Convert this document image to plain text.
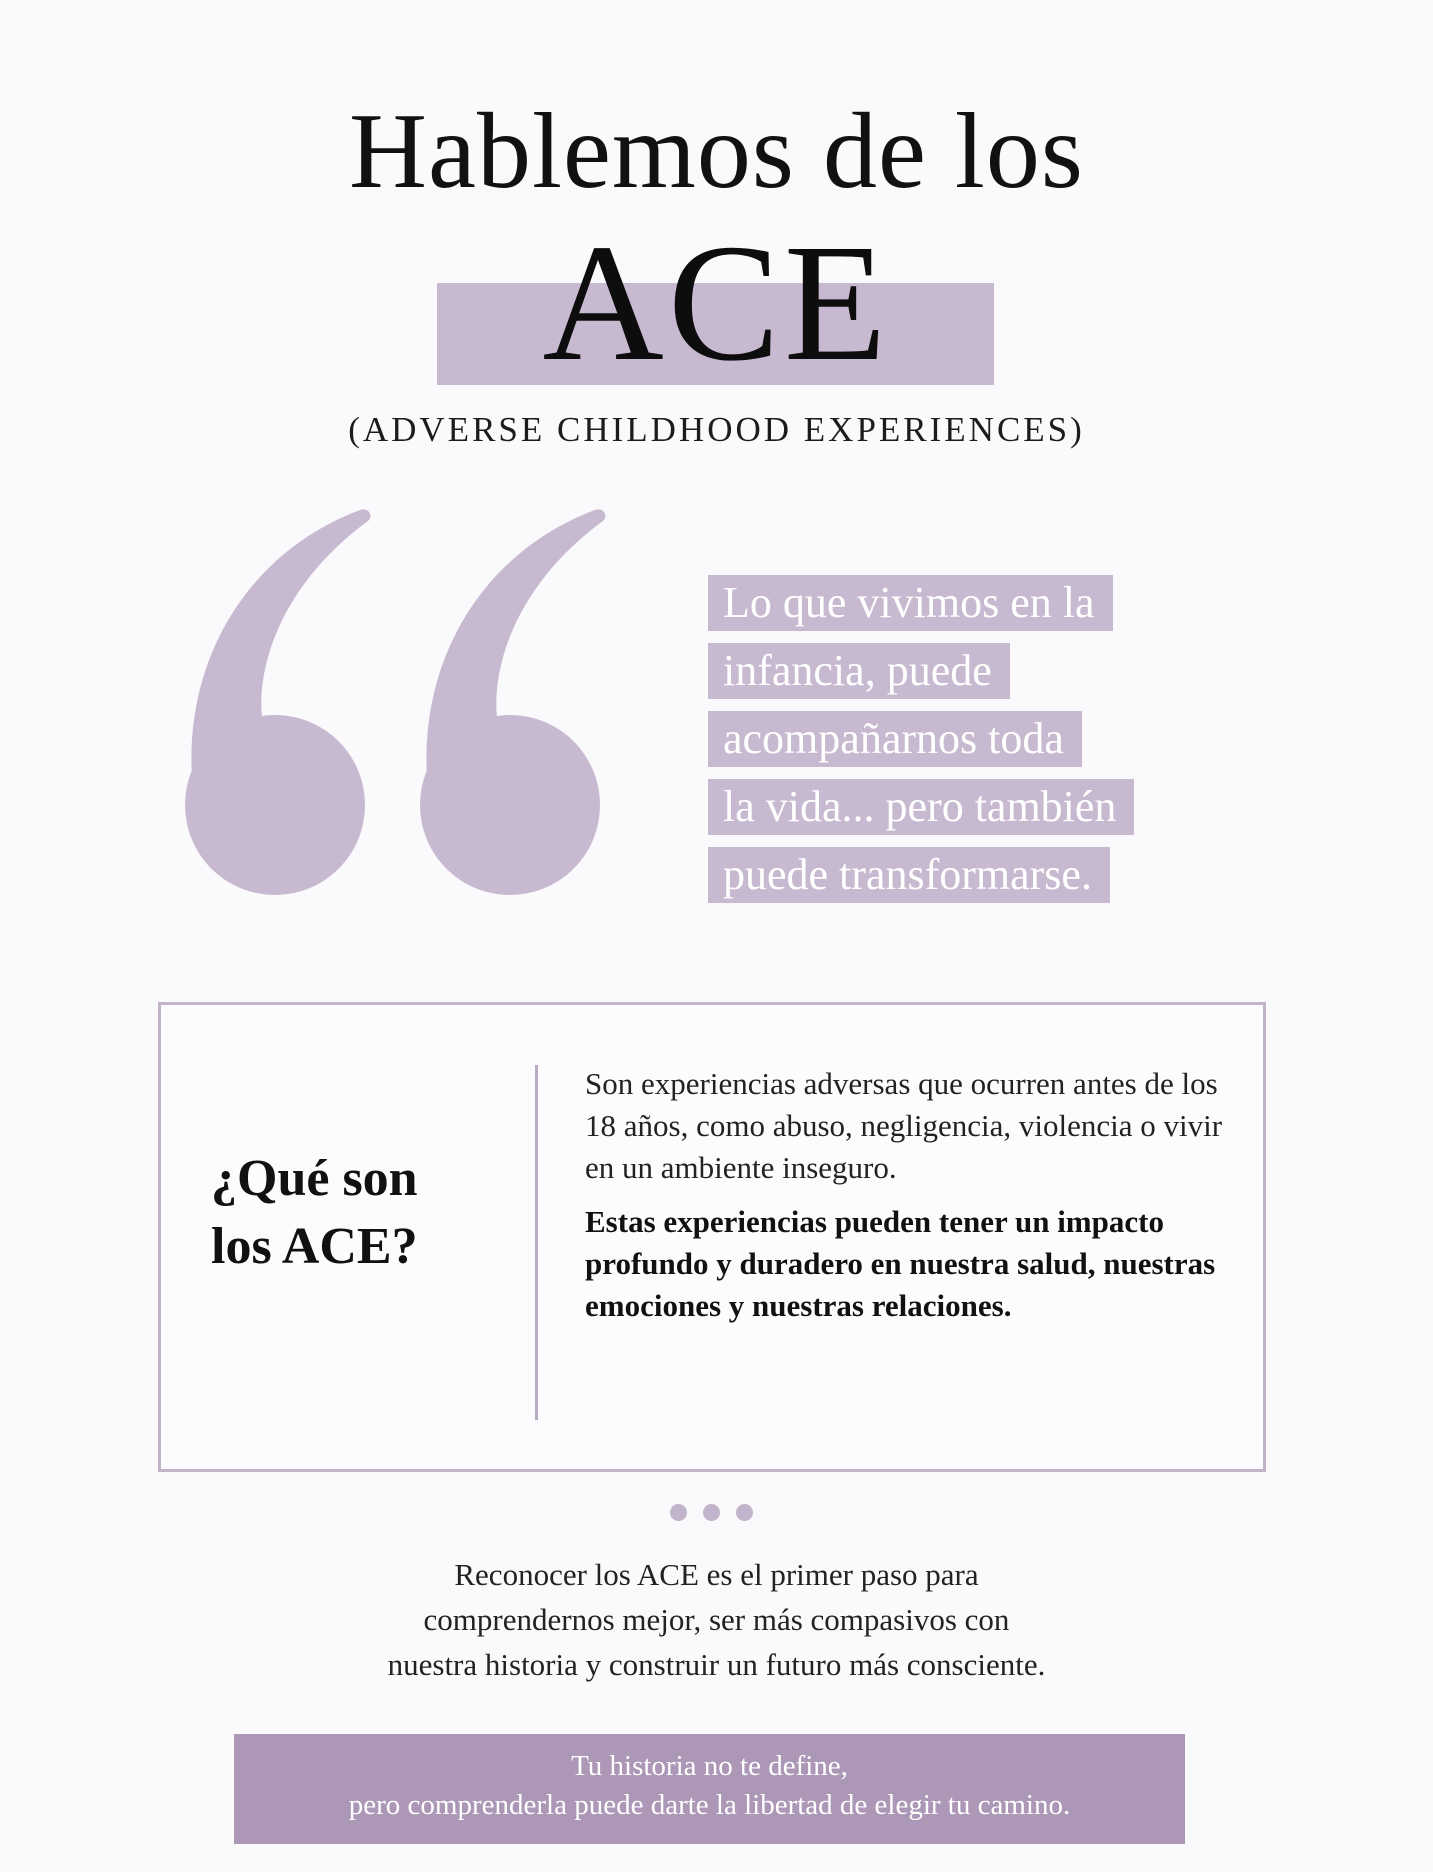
Hablemos de los
ACE
(ADVERSE CHILDHOOD EXPERIENCES)
Lo que vivimos en la
infancia, puede
acompañarnos toda
la vida... pero también
puede transformarse.
¿Qué son
los ACE?

Son experiencias adversas que ocurren antes de los 18 años, como abuso, negligencia, violencia o vivir en un ambiente inseguro.

Estas experiencias pueden tener un impacto profundo y duradero en nuestra salud, nuestras emociones y nuestras relaciones.

Reconocer los ACE es el primer paso para

comprendernos mejor, ser más compasivos con

nuestra historia y construir un futuro más consciente.

Tu historia no te define,

pero comprenderla puede darte la libertad de elegir tu camino.
